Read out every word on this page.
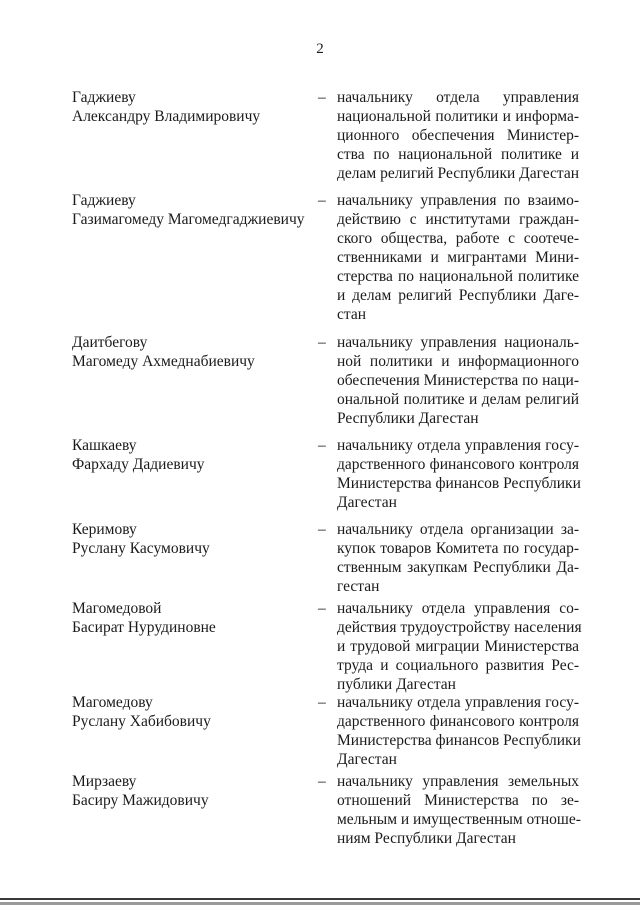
2
Гаджиеву
Александру Владимировичу
– начальнику отдела управления
национальной политики и информа-
ционного обеспечения Министер-
ства по национальной политике и
делам религий Республики Дагестан
Гаджиеву
Газимагомеду Магомедгаджиевичу
– начальнику управления по взаимо-
действию с институтами граждан-
ского общества, работе с соотече-
ственниками и мигрантами Мини-
стерства по национальной политике
и делам религий Республики Даге-
стан
Даитбегову
Магомеду Ахмеднабиевичу
– начальнику управления националь-
ной политики и информационного
обеспечения Министерства по наци-
ональной политике и делам религий
Республики Дагестан
Кашкаеву
Фархаду Дадиевичу
– начальнику отдела управления госу-
дарственного финансового контроля
Министерства финансов Республики
Дагестан
Керимову
Руслану Касумовичу
– начальнику отдела организации за-
купок товаров Комитета по государ-
ственным закупкам Республики Да-
гестан
Магомедовой
Басират Нурудиновне
– начальнику отдела управления со-
действия трудоустройству населения
и трудовой миграции Министерства
труда и социального развития Рес-
публики Дагестан
Магомедову
Руслану Хабибовичу
– начальнику отдела управления госу-
дарственного финансового контроля
Министерства финансов Республики
Дагестан
Мирзаеву
Басиру Мажидовичу
– начальнику управления земельных
отношений Министерства по зе-
мельным и имущественным отноше-
ниям Республики Дагестан
